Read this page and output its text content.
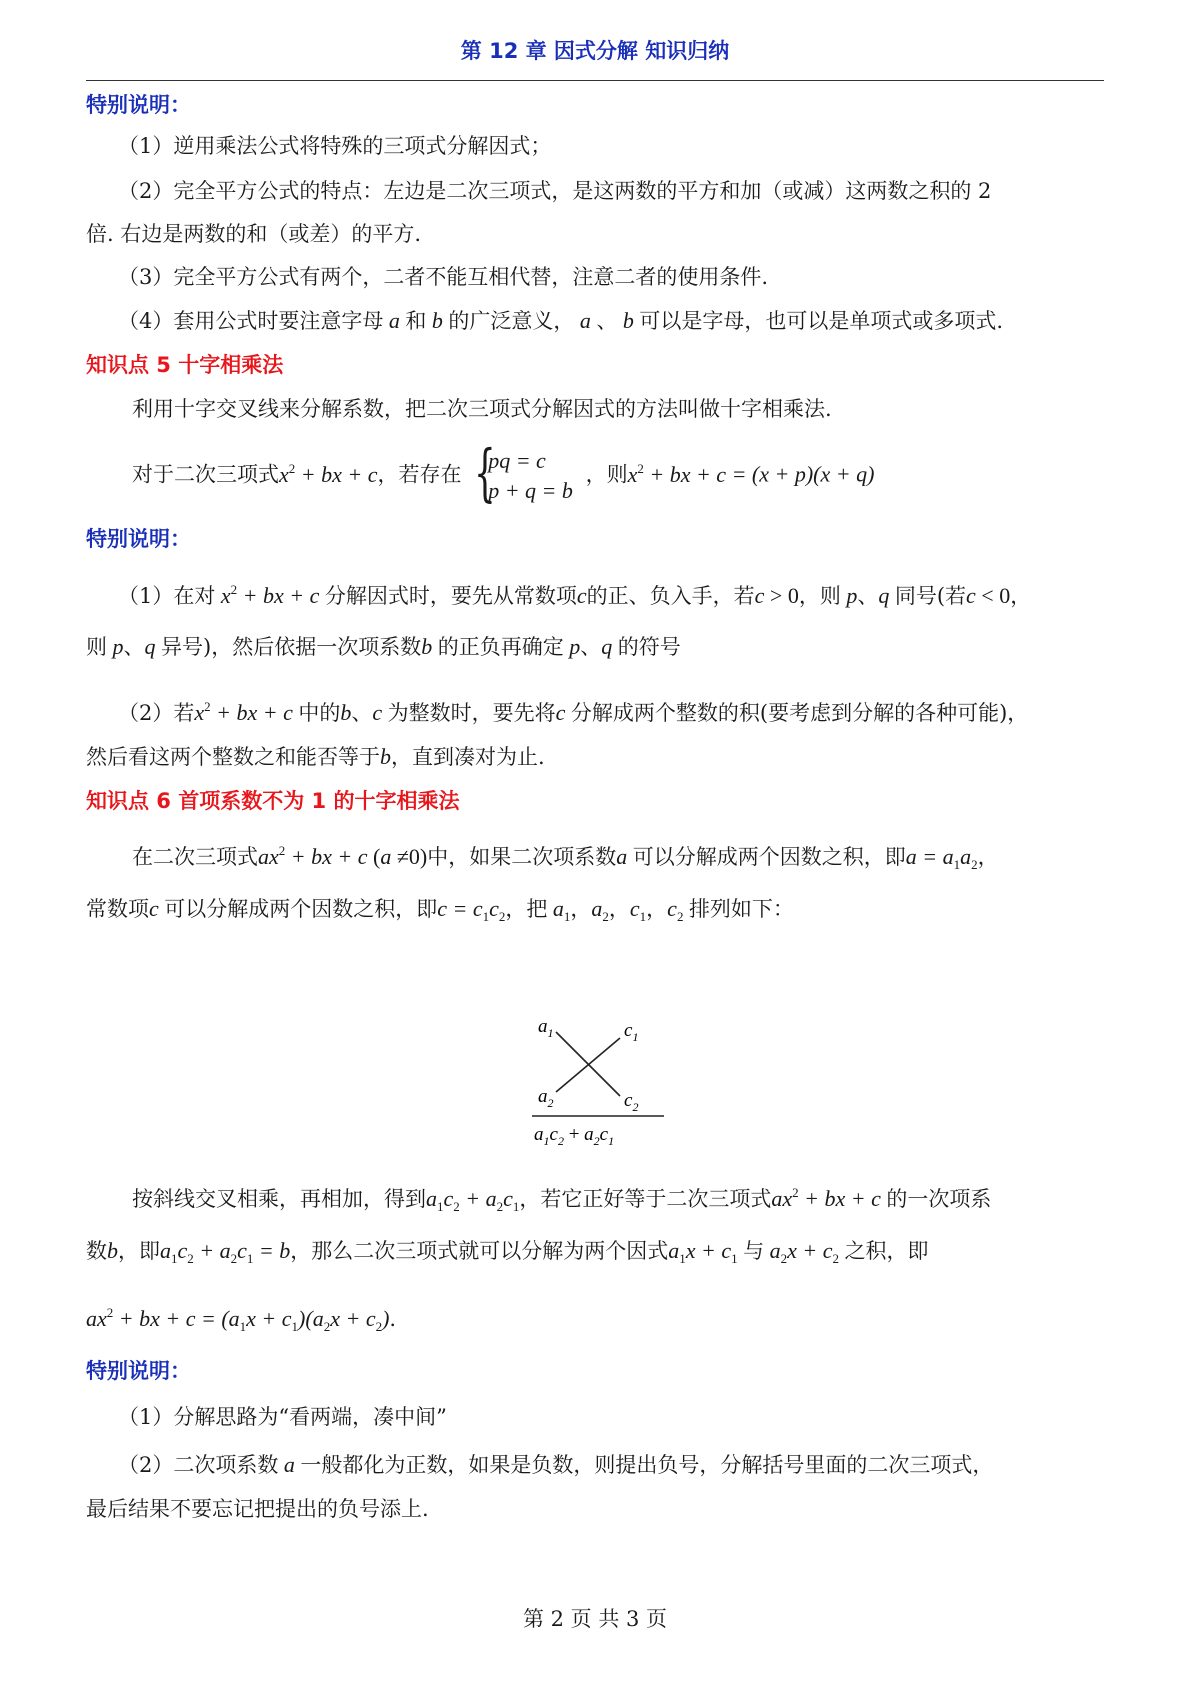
第 12 章 因式分解 知识归纳
特别说明：
（1）逆用乘法公式将特殊的三项式分解因式；
（2）完全平方公式的特点：左边是二次三项式，是这两数的平方和加（或减）这两数之积的 2
倍. 右边是两数的和（或差）的平方.
（3）完全平方公式有两个，二者不能互相代替，注意二者的使用条件.
（4）套用公式时要注意字母 a 和 b 的广泛意义， a 、 b 可以是字母，也可以是单项式或多项式.
知识点 5 十字相乘法
利用十字交叉线来分解系数，把二次三项式分解因式的方法叫做十字相乘法.
对于二次三项式$x^2$ + bx + c，若存在 {
pq = c
p + q = b
，则$x^2$ + bx + c = (x + p)(x + q)
特别说明：
（1）在对 $x^2$ + bx + c 分解因式时，要先从常数项c的正、负入手，若c > 0，则 p、q 同号(若c < 0，
则 p、q 异号)，然后依据一次项系数b 的正负再确定 p、q 的符号
（2）若$x^2$ + bx + c 中的b、c 为整数时，要先将c 分解成两个整数的积(要考虑到分解的各种可能)，
然后看这两个整数之和能否等于b，直到凑对为止.
知识点 6 首项系数不为 1 的十字相乘法
在二次三项式$ax^2$ + bx + c (a ≠0)中，如果二次项系数a 可以分解成两个因数之积，即$a = a_1a_2$，
常数项c 可以分解成两个因数之积，即$c = c_1c_2$，把 $a_1$，$a_2$，$c_1$，$c_2$ 排列如下：
$a_1$	$c_1$
$a_2$	$c_2$
$a_1c_2 + a_2c_1$
按斜线交叉相乘，再相加，得到$a_1c_2 + a_2c_1$，若它正好等于二次三项式$ax^2$ + bx + c 的一次项系
数b，即$a_1c_2 + a_2c_1 = b$，那么二次三项式就可以分解为两个因式$a_1x + c_1$ 与 $a_2x + c_2$ 之积，即
$ax^2$ + bx + $c = (a_1x + c_1)(a_2x + c_2)$.
特别说明：
（1）分解思路为“看两端，凑中间”
（2）二次项系数 a 一般都化为正数，如果是负数，则提出负号，分解括号里面的二次三项式，
最后结果不要忘记把提出的负号添上.
第 2 页 共 3 页
